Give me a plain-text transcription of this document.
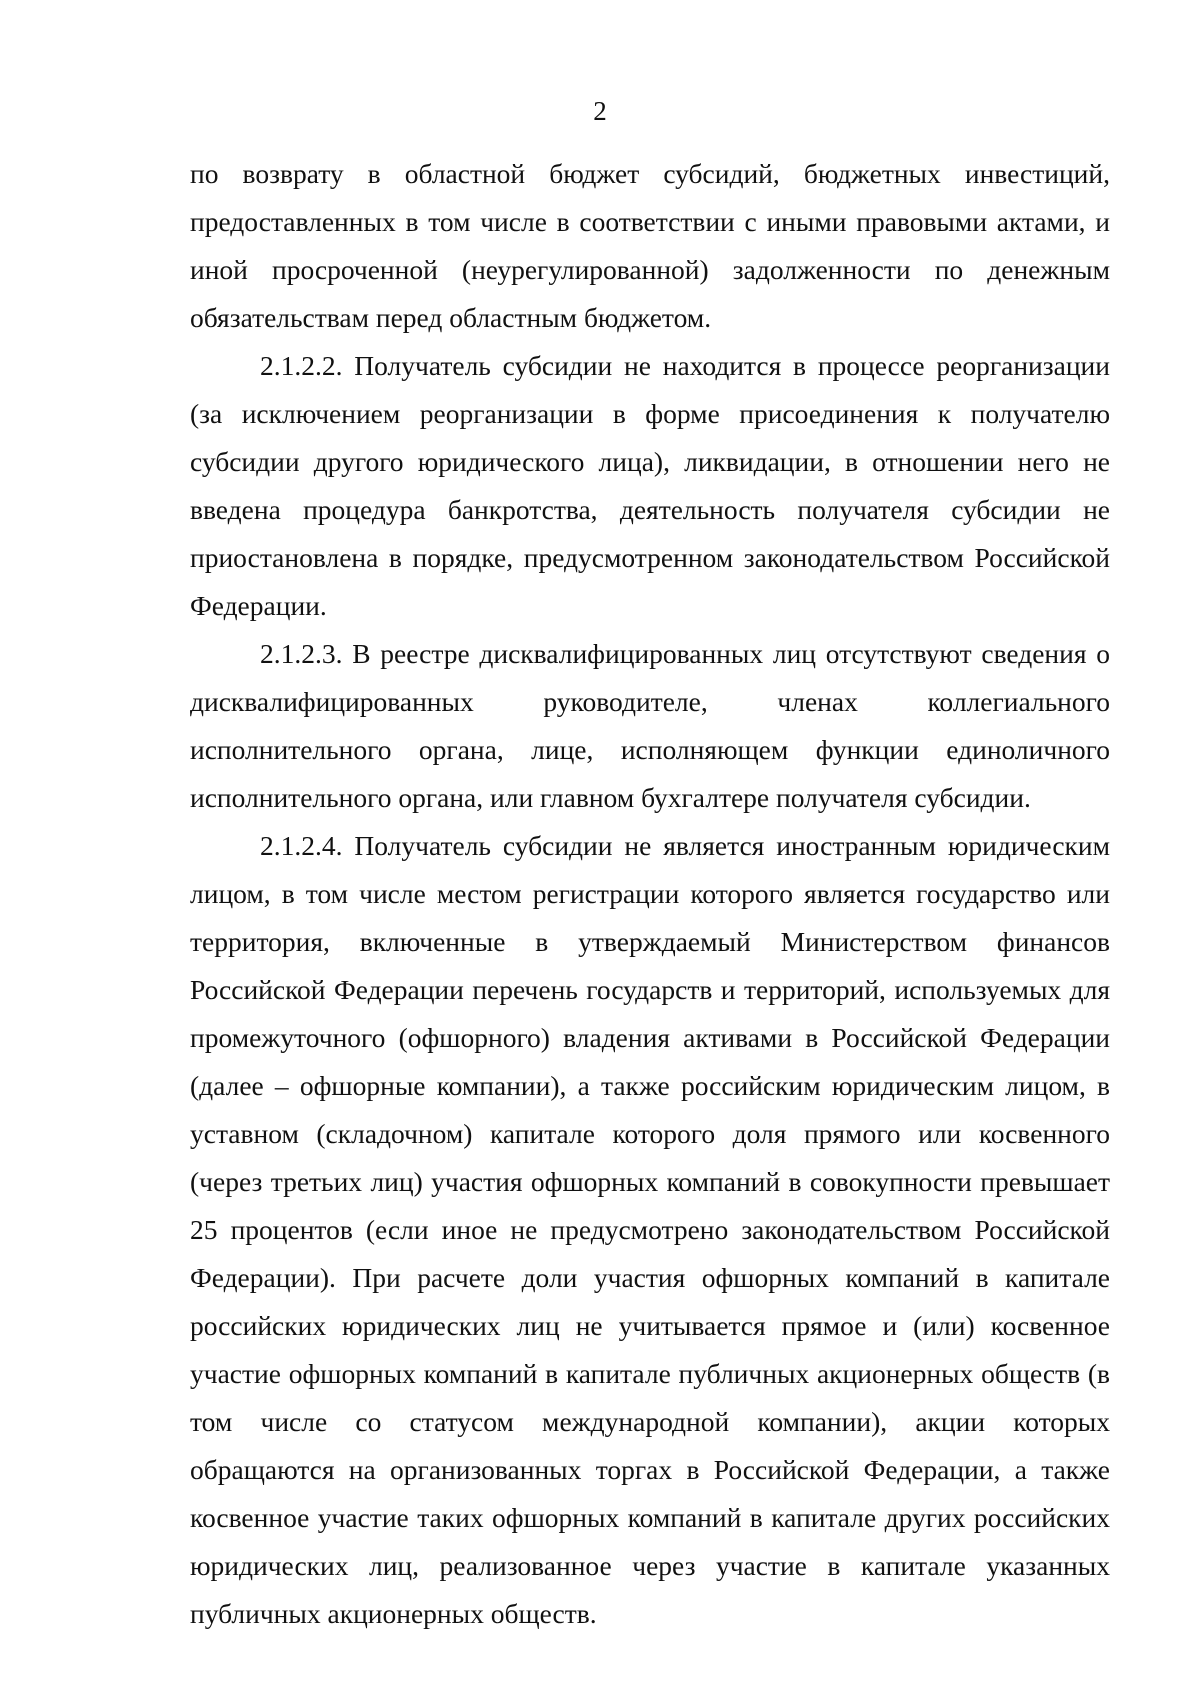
2

по возврату в областной бюджет субсидий, бюджетных инвестиций, предоставленных в том числе в соответствии с иными правовыми актами, и иной просроченной (неурегулированной) задолженности по денежным обязательствам перед областным бюджетом.

2.1.2.2. Получатель субсидии не находится в процессе реорганизации (за исключением реорганизации в форме присоединения к получателю субсидии другого юридического лица), ликвидации, в отношении него не введена процедура банкротства, деятельность получателя субсидии не приостановлена в порядке, предусмотренном законодательством Российской Федерации.

2.1.2.3. В реестре дисквалифицированных лиц отсутствуют сведения о дисквалифицированных руководителе, членах коллегиального исполнительного органа, лице, исполняющем функции единоличного исполнительного органа, или главном бухгалтере получателя субсидии.

2.1.2.4. Получатель субсидии не является иностранным юридическим лицом, в том числе местом регистрации которого является государство или территория, включенные в утверждаемый Министерством финансов Российской Федерации перечень государств и территорий, используемых для промежуточного (офшорного) владения активами в Российской Федерации (далее – офшорные компании), а также российским юридическим лицом, в уставном (складочном) капитале которого доля прямого или косвенного (через третьих лиц) участия офшорных компаний в совокупности превышает 25 процентов (если иное не предусмотрено законодательством Российской Федерации). При расчете доли участия офшорных компаний в капитале российских юридических лиц не учитывается прямое и (или) косвенное участие офшорных компаний в капитале публичных акционерных обществ (в том числе со статусом международной компании), акции которых обращаются на организованных торгах в Российской Федерации, а также косвенное участие таких офшорных компаний в капитале других российских юридических лиц, реализованное через участие в капитале указанных публичных акционерных обществ.
